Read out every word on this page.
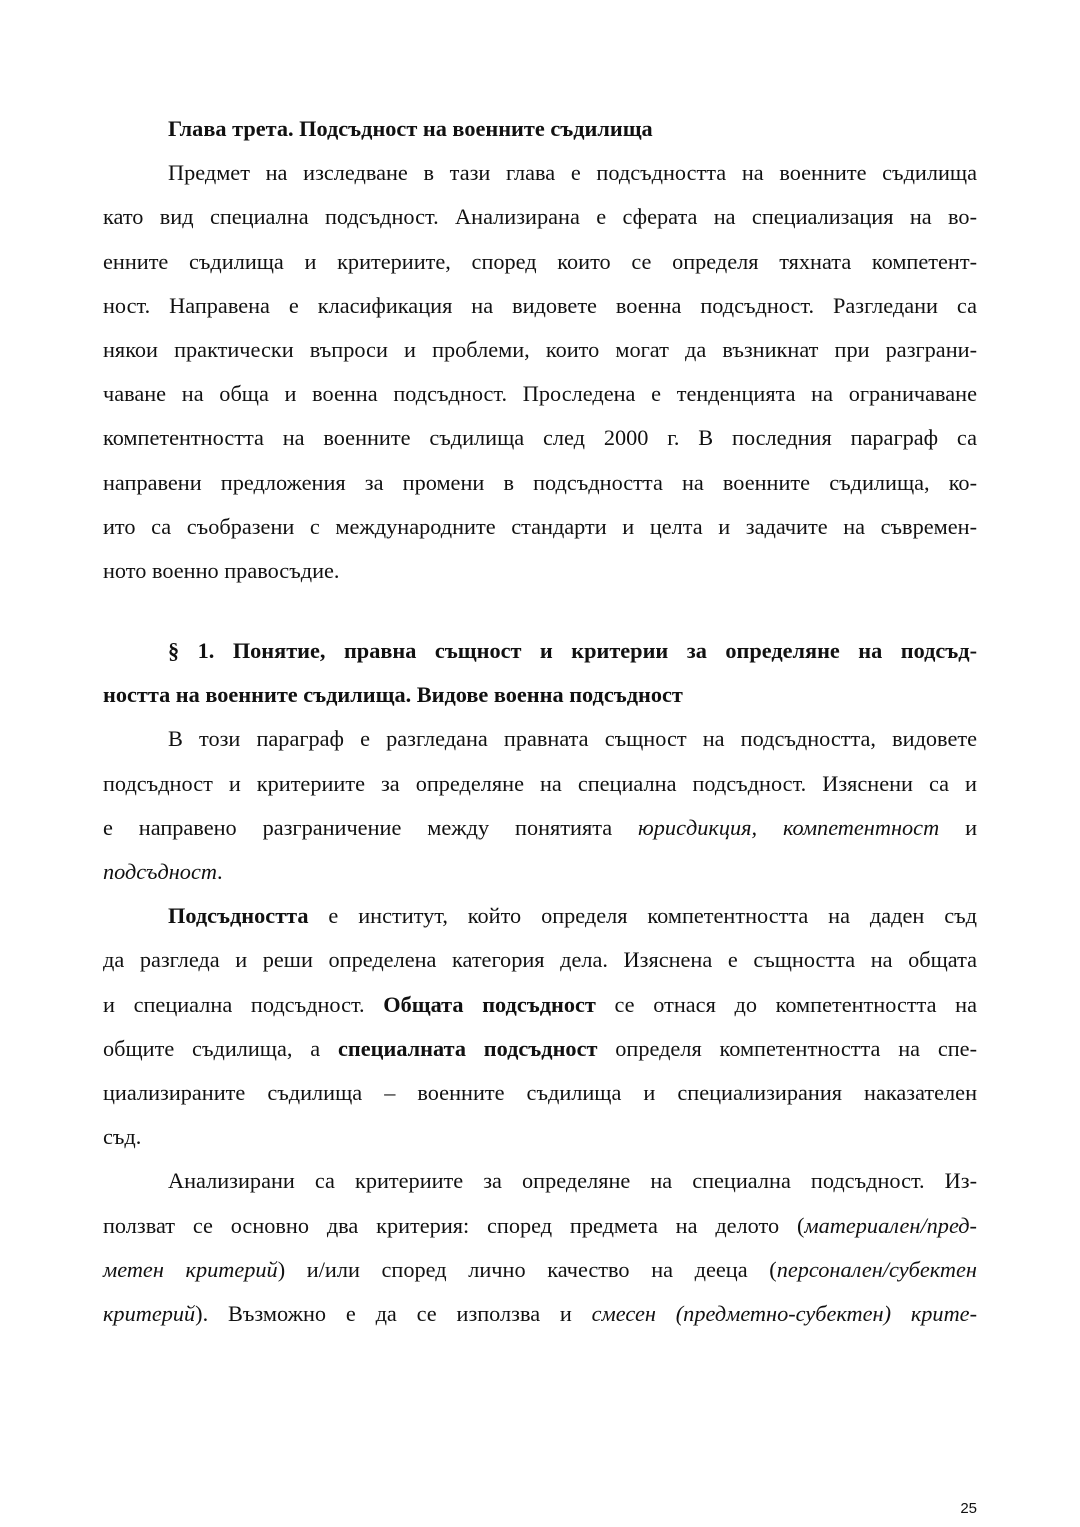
Глава трета. Подсъдност на военните съдилища
Предмет на изследване в тази глава е подсъдността на военните съдилища
като вид специална подсъдност. Анализирана е сферата на специализация на во-
енните съдилища и критериите, според които се определя тяхната компетент-
ност. Направена е класификация на видовете военна подсъдност. Разгледани са
някои практически въпроси и проблеми, които могат да възникнат при разграни-
чаване на обща и военна подсъдност. Проследена е тенденцията на ограничаване
компетентността на военните съдилища след 2000 г. В последния параграф са
направени предложения за промени в подсъдността на военните съдилища, ко-
ито са съобразени с международните стандарти и целта и задачите на съвремен-
ното военно правосъдие.
§ 1. Понятие, правна същност и критерии за определяне на подсъд-
ността на военните съдилища. Видове военна подсъдност
В този параграф е разгледана правната същност на подсъдността, видовете
подсъдност и критериите за определяне на специална подсъдност. Изяснени са и
е направено разграничение между понятията юрисдикция, компетентност и
подсъдност.
Подсъдността е институт, който определя компетентността на даден съд
да разгледа и реши определена категория дела. Изяснена е същността на общата
и специална подсъдност. Общата подсъдност се отнася до компетентността на
общите съдилища, а специалната подсъдност определя компетентността на спе-
циализираните съдилища – военните съдилища и специализирания наказателен
съд.
Анализирани са критериите за определяне на специална подсъдност. Из-
ползват се основно два критерия: според предмета на делото (материален/пред-
метен критерий) и/или според лично качество на дееца (персонален/субектен
критерий). Възможно е да се използва и смесен (предметно-субектен) крите-
25
